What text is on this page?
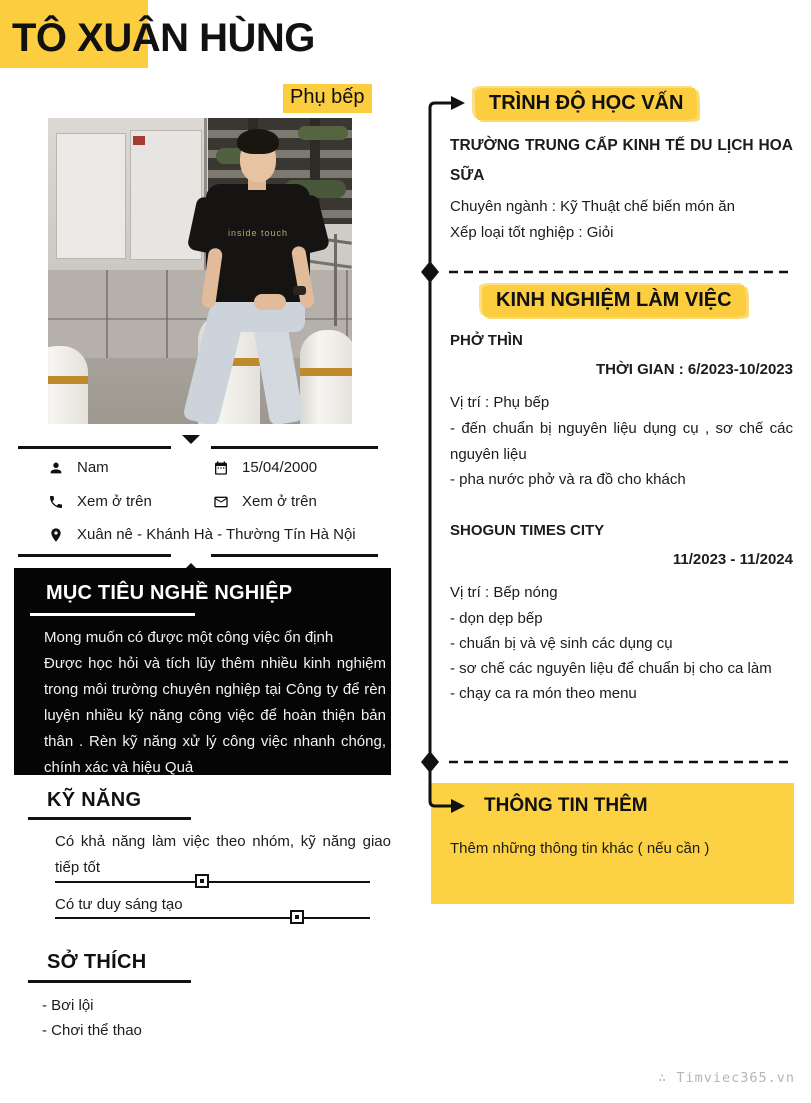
TÔ XUÂN HÙNG
Phụ bếp
inside touch
Nam	15/04/2000
Xem ở trên	Xem ở trên
Xuân nê - Khánh Hà - Thường Tín Hà Nội
MỤC TIÊU NGHỀ NGHIỆP

Mong muốn có được một công việc ổn định

Được học hỏi và tích lũy thêm nhiều kinh nghiệm trong môi trường chuyên nghiệp tại Công ty để rèn luyện nhiều kỹ năng công việc để hoàn thiện bản thân . Rèn kỹ năng xử lý công việc nhanh chóng, chính xác và hiệu Quả

KỸ NĂNG
Có khả năng làm việc theo nhóm, kỹ năng giao tiếp tốt
Có tư duy sáng tạo
SỞ THÍCH
- Bơi lội
- Chơi thể thao
TRÌNH ĐỘ HỌC VẤN
TRƯỜNG TRUNG CẤP KINH TẾ DU LỊCH HOA SỮA
Chuyên ngành : Kỹ Thuật chế biến món ăn
Xếp loại tốt nghiệp : Giỏi
KINH NGHIỆM LÀM VIỆC
PHỞ THÌN
THỜI GIAN : 6/2023-10/2023
Vị trí : Phụ bếp
- đến chuẩn bị nguyên liệu dụng cụ , sơ chế các nguyên liệu
- pha nước phở và ra đồ cho khách
SHOGUN TIMES CITY
11/2023 - 11/2024
Vị trí : Bếp nóng
- dọn dẹp bếp
- chuẩn bị và vệ sinh các dụng cụ
- sơ chế các nguyên liệu để chuẩn bị cho ca làm
- chạy ca ra món theo menu
THÔNG TIN THÊM
Thêm những thông tin khác ( nếu cần )
∴ Timviec365.vn
